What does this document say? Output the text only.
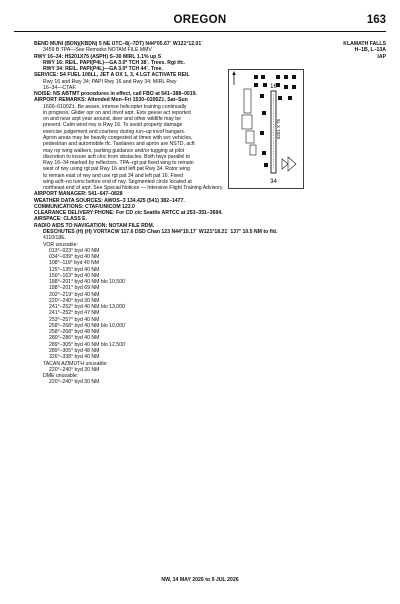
OREGON	163
BEND MUNI (BDN)(KBDN) 5 NE UTC–8(–7DT) N44°05.67´ W121°12.01´
3459 B TPA—See Remarks NOTAM FILE MMV
RWY 16–34: H5201X75 (ASPH) S–30 MIRL 1.1% up S
RWY 16: REIL. PAPI(P4L)—GA 3.0º TCH 38´. Trees. Rgt tfc.
RWY 34: REIL. PAPI(P4L)—GA 3.0º TCH 44´. Tree.
SERVICE: S4 FUEL 100LL, JET A OX 1, 3, 4 LGT ACTIVATE REIL
Rwy 16 and Rwy 34; PAPI Rwy 16 and Rwy 34; MIRL Rwy
16–34—CTAF.
NOISE: NS ABTMT procedures in effect, call FBO at 541–388–0019.
AIRPORT REMARKS: Attended Mon–Fri 1530–0200Z‡, Sat–Sun
1600–0100Z‡. Be aware, intense helicopter training continually
in progress. Glider opr on and invof arpt. Extv geese act reported
on and near arpt year around, deer and other wildlife may be
present. Calm wind rwy is Rwy 16. To avoid property damage
exercise judgement and courtesy during run–up invof hangars.
Apron areas may be heavily congested at times with svc vehicles,
pedestrian and automobile tfc. Taxilanes and apron are NSTD, acft
may rqr wing walkers, parking guidance and/or tugging at pilot
discretion to insure acft clnc from obstacles. Both twys parallel to
Rwy 16–34 marked by reflectors. TPA–rgt pat fixed wing to remain
west of rwy using rgt pat Rwy 16 and left pat Rwy 34. Rotor wing
to remain east of rwy and use rgt pat 34 and left pat 16. Fixed
wing acft–no turns before end of rwy. Segmented circle located at
northeast end of arpt. See Special Notices — Intensive Flight Training Advisory
AIRPORT MANAGER: 541–647–0828
WEATHER DATA SOURCES: AWOS–3 134.425 (541) 382–1477.
COMMUNICATIONS: CTAF/UNICOM 123.0
CLEARANCE DELIVERY PHONE: For CD ctc Seattle ARTCC at 253–351–3694.
AIRSPACE: CLASS E.
RADIO AIDS TO NAVIGATION: NOTAM FILE RDM.
DESCHUTES (H) (H) VORTACW 117.6 DSD Chan 123 N44°15.17´ W121°18.21´ 137° 10.5 NM to fld.
4110/18E.
VOR unusable:
013°–023° byd 40 NM
034°–039° byd 40 NM
108°–119° byd 40 NM
125°–135° byd 40 NM
150°–163° byd 40 NM
188°–201° byd 40 NM blo 10,500´
188°–201° byd 69 NM
202°–219° byd 40 NM
220°–240° byd 30 NM
241°–252° byd 40 NM blo 13,000´
241°–252° byd 47 NM
253°–257° byd 40 NM
258°–268° byd 40 NM blo 10,000´
258°–268° byd 48 NM
280°–286° byd 40 NM
289°–305° byd 40 NM blo 12,500´
289°–305° byd 48 NM
326°–338° byd 40 NM
TACAN AZIMUTH unusable:
220°–240° byd 30 NM
DME unusable:
220°–240° byd 30 NM
KLAMATH FALLS
H–1B, L–13A
IAP
16
34
5201 X 75
NW, 14 MAY 2026 to 9 JUL 2026
